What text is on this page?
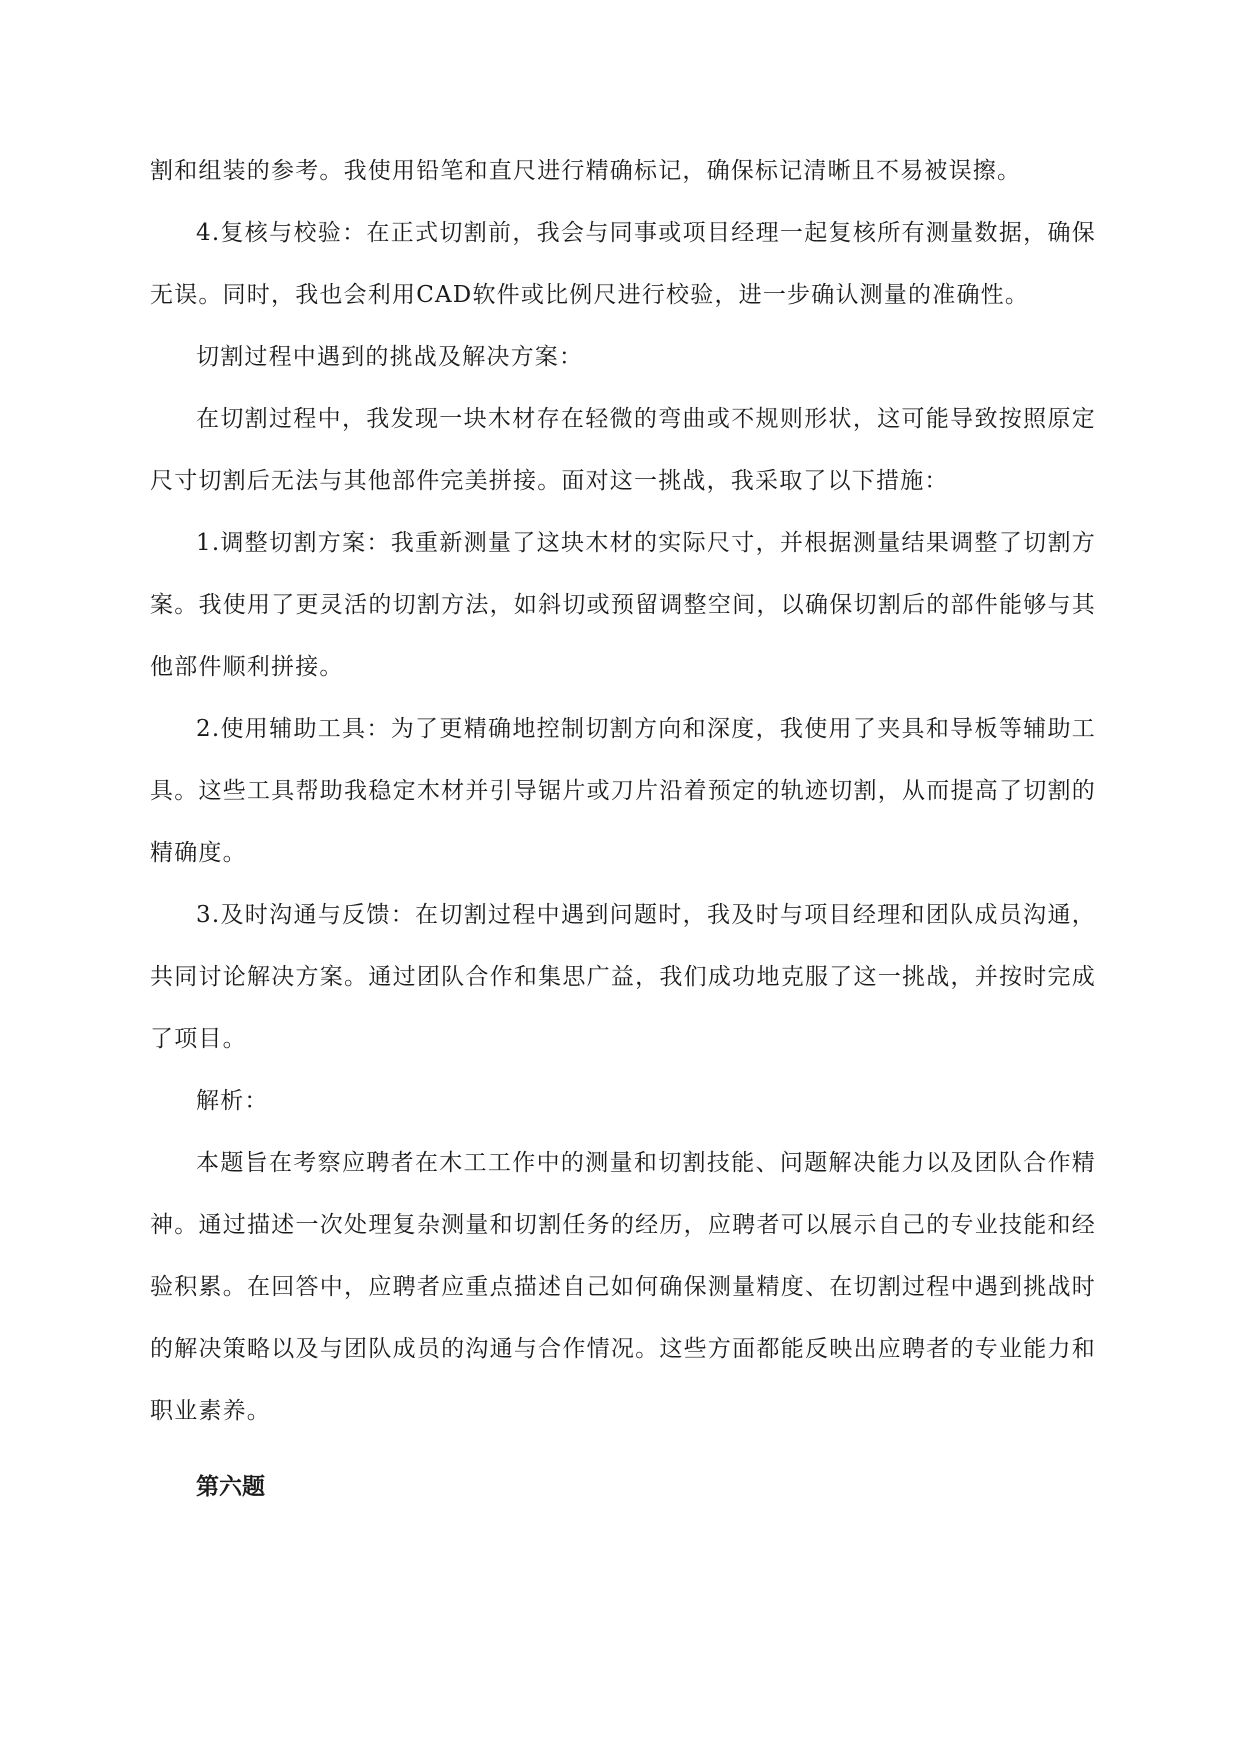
割和组装的参考。我使用铅笔和直尺进行精确标记，确保标记清晰且不易被误擦。

4.复核与校验：在正式切割前，我会与同事或项目经理一起复核所有测量数据，确保无误。同时，我也会利用CAD软件或比例尺进行校验，进一步确认测量的准确性。

切割过程中遇到的挑战及解决方案：

在切割过程中，我发现一块木材存在轻微的弯曲或不规则形状，这可能导致按照原定尺寸切割后无法与其他部件完美拼接。面对这一挑战，我采取了以下措施：

1.调整切割方案：我重新测量了这块木材的实际尺寸，并根据测量结果调整了切割方案。我使用了更灵活的切割方法，如斜切或预留调整空间，以确保切割后的部件能够与其他部件顺利拼接。

2.使用辅助工具：为了更精确地控制切割方向和深度，我使用了夹具和导板等辅助工具。这些工具帮助我稳定木材并引导锯片或刀片沿着预定的轨迹切割，从而提高了切割的精确度。

3.及时沟通与反馈：在切割过程中遇到问题时，我及时与项目经理和团队成员沟通，共同讨论解决方案。通过团队合作和集思广益，我们成功地克服了这一挑战，并按时完成了项目。

解析：

本题旨在考察应聘者在木工工作中的测量和切割技能、问题解决能力以及团队合作精神。通过描述一次处理复杂测量和切割任务的经历，应聘者可以展示自己的专业技能和经验积累。在回答中，应聘者应重点描述自己如何确保测量精度、在切割过程中遇到挑战时的解决策略以及与团队成员的沟通与合作情况。这些方面都能反映出应聘者的专业能力和职业素养。

第六题
